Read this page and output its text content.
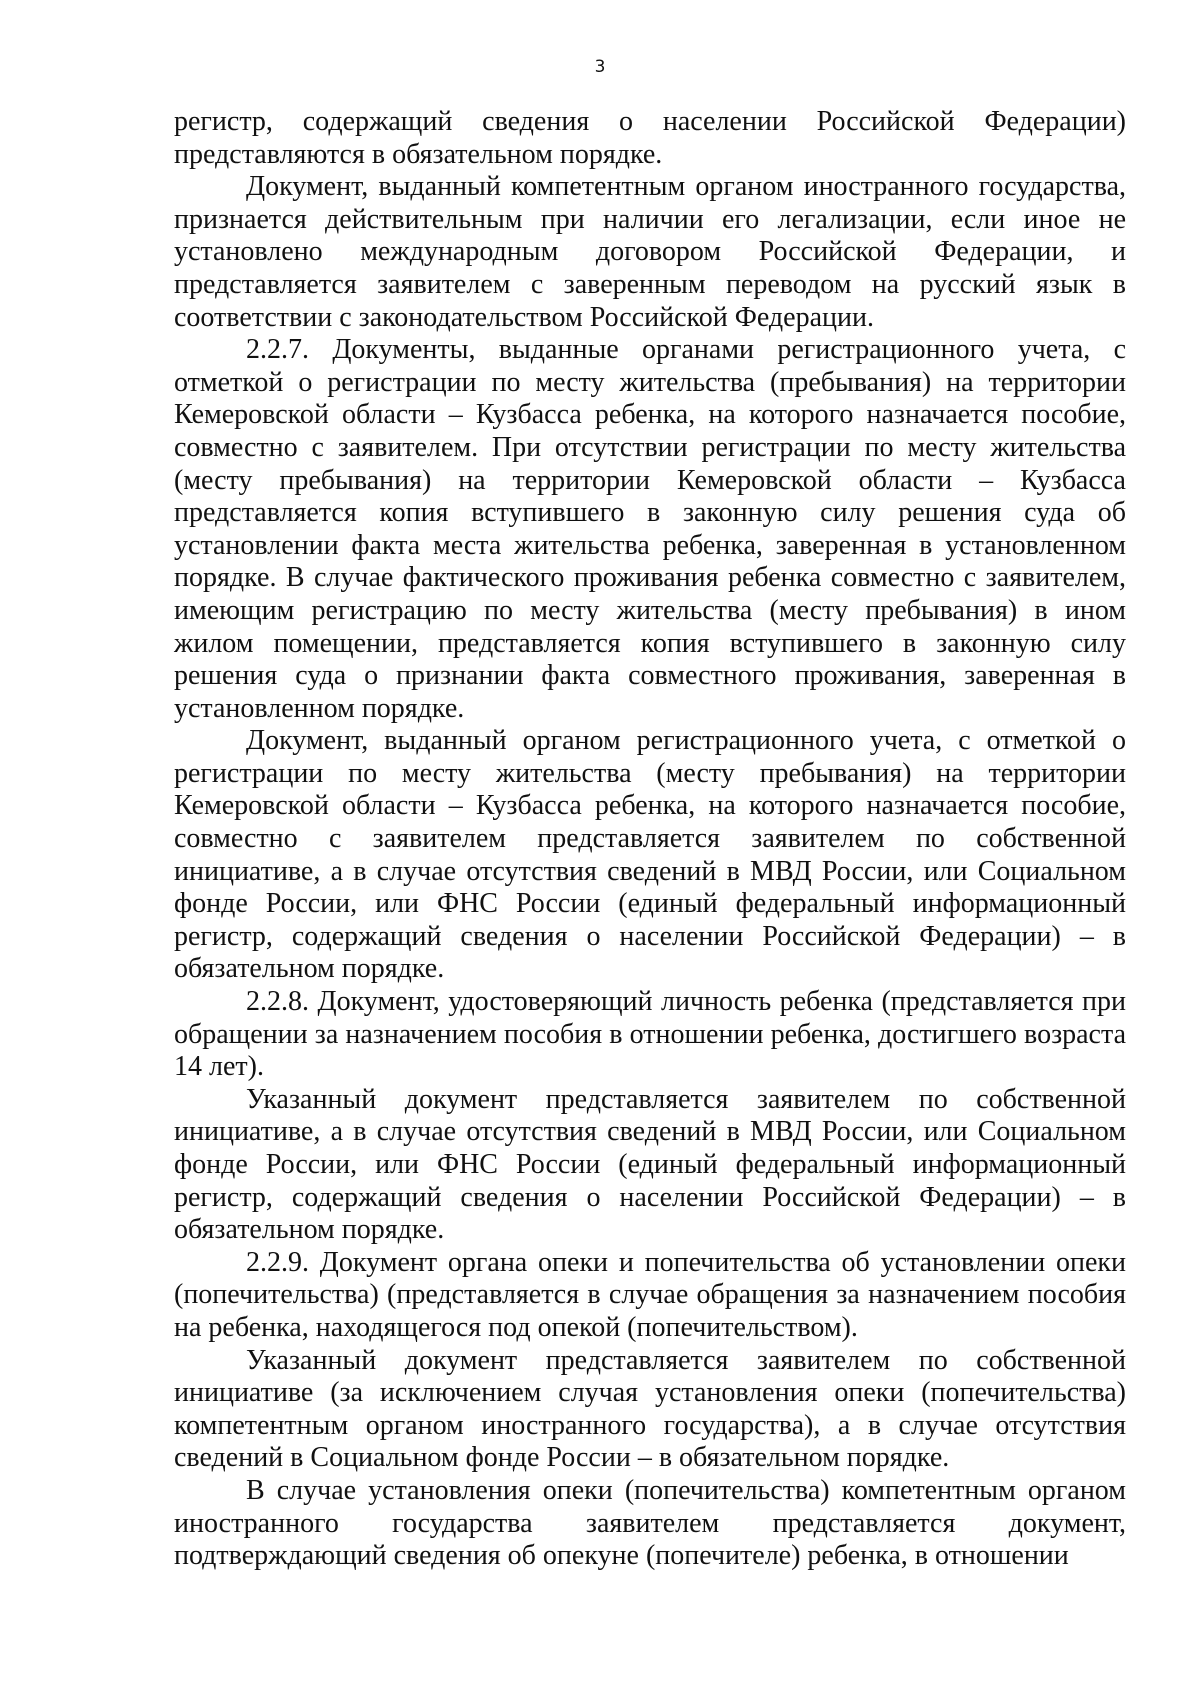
3

регистр, содержащий сведения о населении Российской Федерации) представляются в обязательном порядке.

Документ, выданный компетентным органом иностранного государства, признается действительным при наличии его легализации, если иное не установлено международным договором Российской Федерации, и представляется заявителем с заверенным переводом на русский язык в соответствии с законодательством Российской Федерации.

2.2.7. Документы, выданные органами регистрационного учета, с отметкой о регистрации по месту жительства (пребывания) на территории Кемеровской области – Кузбасса ребенка, на которого назначается пособие, совместно с заявителем. При отсутствии регистрации по месту жительства (месту пребывания) на территории Кемеровской области – Кузбасса представляется копия вступившего в законную силу решения суда об установлении факта места жительства ребенка, заверенная в установленном порядке. В случае фактического проживания ребенка совместно с заявителем, имеющим регистрацию по месту жительства (месту пребывания) в ином жилом помещении, представляется копия вступившего в законную силу решения суда о признании факта совместного проживания, заверенная в установленном порядке.

Документ, выданный органом регистрационного учета, с отметкой о регистрации по месту жительства (месту пребывания) на территории Кемеровской области – Кузбасса ребенка, на которого назначается пособие, совместно с заявителем представляется заявителем по собственной инициативе, а в случае отсутствия сведений в МВД России, или Социальном фонде России, или ФНС России (единый федеральный информационный регистр, содержащий сведения о населении Российской Федерации) – в обязательном порядке.

2.2.8. Документ, удостоверяющий личность ребенка (представляется при обращении за назначением пособия в отношении ребенка, достигшего возраста 14 лет).

Указанный документ представляется заявителем по собственной инициативе, а в случае отсутствия сведений в МВД России, или Социальном фонде России, или ФНС России (единый федеральный информационный регистр, содержащий сведения о населении Российской Федерации) – в обязательном порядке.

2.2.9. Документ органа опеки и попечительства об установлении опеки (попечительства) (представляется в случае обращения за назначением пособия на ребенка, находящегося под опекой (попечительством).

Указанный документ представляется заявителем по собственной инициативе (за исключением случая установления опеки (попечительства) компетентным органом иностранного государства), а в случае отсутствия сведений в Социальном фонде России – в обязательном порядке.

В случае установления опеки (попечительства) компетентным органом иностранного государства заявителем представляется документ, подтверждающий сведения об опекуне (попечителе) ребенка, в отношении
